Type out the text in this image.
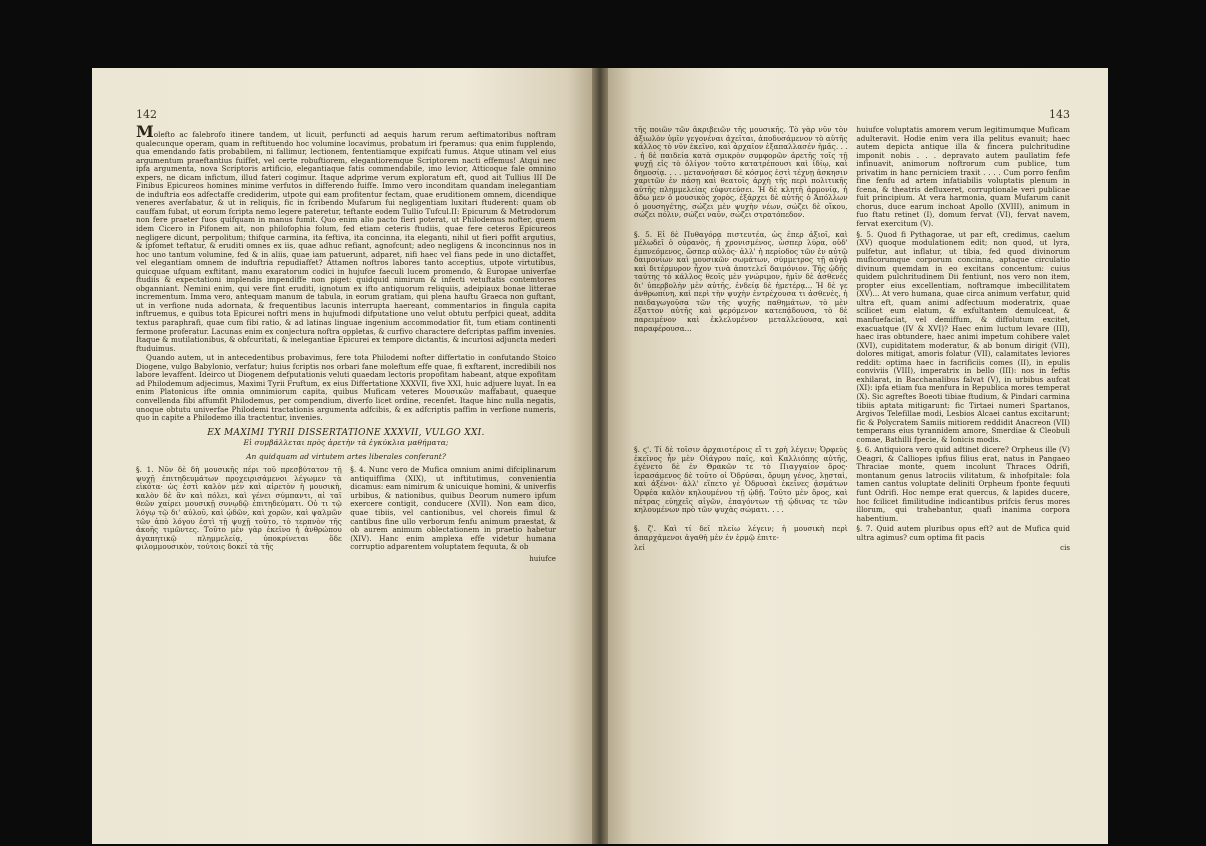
142

Molefto ac falebrofo itinere tandem, ut licuit, perfuncti ad aequis harum rerum aeftimatoribus noftram qualecunque operam, quam in reftituendo hoc volumine locavimus, probatum iri fperamus: qua enim fupplendo, qua emendando fatis probabilem, ni fallimur, lectionem, fententiamque expifcati fumus. Atque utinam vel eius argumentum praeftantius fuiffet, vel certe robuftiorem, elegantioremque Scriptorem nacti effemus! Atqui nec ipfa argumenta, nova Scriptoris artificio, elegantiaque fatis commendabile, imo levior, Atticoque fale omnino expers, ne dicam infictum, illud fateri cogimur. Itaque adprime verum exploratum eft, quod ait Tullius III De Finibus Epicureos homines minime verfutos in differendo fuiffe. Immo vero inconditam quandam inelegantiam de induftria eos adfectaffe crediderim, utpote qui eam profitentur fectam, quae eruditionem omnem, dicendique veneres averfabatur, & ut in reliquis, fic in fcribendo Mufarum fui negligentiam luxitari ftuderent: quam ob cauffam fubat, ut eorum fcripta nemo legere pateretur, teftante eodem Tullio Tufcul.II: Epicurum & Metrodorum non fere praeter fuos quifquam in manus fumit. Quo enim alio pacto fieri poterat, ut Philodemus nofter, quem idem Cicero in Pifonem ait, non philofophia folum, fed etiam ceteris ftudiis, quae fere ceteros Epicureos negligere dicunt, perpolitum; thifque carmina, ita feftiva, ita concinna, ita eleganti, nihil ut fieri poffit argutius, & ipfomet teftatur, & eruditi omnes ex iis, quae adhuc refiant, agnofcunt; adeo negligens & inconcinnus nos in hoc uno tantum volumine, fed & in aliis, quae iam patuerunt, adparet, nifi haec vel fians pede in uno dictaffet, vel elegantiam omnem de induftria repudiaffet? Attamen noftros labores tanto acceptius, utpote virtutibus, quicquae ufquam exftitant, manu exaratorum codici in hujufce faeculi lucem promendo, & Europae univerfae ftudiis & expectationi implendis impendiffe non piget: quidquid nimirum & infecti vetuftatis contemtores obganniant. Nemini enim, qui vere fint eruditi, ignotum ex ifto antiquorum reliquiis, adeipiaux bonae litterae incrementum. Imma vero, antequam manum de tabula, in eorum gratiam, qui plena hauftu Graeca non guftant, ut in verfione nuda adornata, & frequentibus lacunis interrupta haereant, commentarios in fingula capita inftruemus, e quibus tota Epicurei noftri mens in hujufmodi difputatione uno velut obtutu perfpici queat, addita textus paraphrafi, quae cum fibi ratio, & ad latinas linguae ingenium accommodatior fit, tum etiam continenti fermone proferatur. Lacunas enim ex conjectura noftra oppletas, & curfivo charactere defcriptas paffim invenies. Itaque & mutilationibus, & obfcuritati, & inelegantiae Epicurei ex tempore dictantis, & incuriosi adjuncta mederi ftuduimus.

Quando autem, ut in antecedentibus probavimus, fere tota Philodemi nofter differtatio in confutando Stoico Diogene, vulgo Babylonio, verfatur; huius fcriptis nos orbari fane moleftum effe quae, fi exftarent, incredibili nos labore levaffent. Ideirco ut Diogenem defputationis veluti quaedam lectoris propofitam habeant, atque expofitam ad Philodemum adjecimus, Maximi Tyrii Fruftum, ex eius Differtatione XXXVII, five XXI, huic adjuere luyat. In ea enim Platonicus ifte omnia omnimiorum capita, quibus Muficam veteres Μουσικῶν maffabaut, quaeque convellenda fibi affumfit Philodemus, per compendium, diverfo licet ordine, recenfet. Itaque hinc nulla negatis, unoque obtutu univerfae Philodemi tractationis argumenta adfcibis, & ex adfcriptis paffim in verfione numeris, quo in capite a Philodemo illa tractentur, invenies.

EX MAXIMI TYRII DISSERTATIONE XXXVII, VULGO XXI.
Εἰ συμβάλλεται πρὸς ἀρετὴν τὰ ἐγκύκλια μαθήματα;
An quidquam ad virtutem artes liberales conferant?

§. 1. Νῦν δὲ δὴ μουσικῆς πέρι τοῦ πρεσβύτατον τῇ ψυχῇ ἐπιτηδευμάτων προχειρισάμενοι λέγωμεν τὰ εἰκότα· ὡς ἐστὶ καλὸν μὲν καὶ αἰρετὸν ἡ μουσικὴ, καλὸν δὲ ἂν καὶ πόλει, καὶ γένει σύμπαντι, αἱ ταῖ θεῶν χαίρει μουσικῇ συνῳδῷ ἐπιτηδεύματι. Οὐ τι τῷ λόγῳ τῷ δι' αὐλοῦ, καὶ ᾠδῶν, καὶ χορῶν, καὶ ψαλμῶν τῶν ἀπὸ λόγου ἐστὶ τῇ ψυχῇ τοῦτο, τὸ τερπνὸν τῆς ἀκοῆς τιμῶντες. Τοῦτο μὲν γὰρ ἐκεῖνο ἡ ἀνθρώπου ἀγαπητικῷ πλημμελείᾳ, ὑποκρίνεται ὅδε φιλομμουσικὸν, τούτοις δοκεῖ τὰ τῆς

§. 4. Nunc vero de Mufica omnium animi difciplinarum antiquiffima (XIX), ut inftitutimus, convenientia dicamus: eam nimirum & unicuique homini, & univerfis urbibus, & nationibus, quibus Deorum numero ipfum exercere contigit, conducere (XVII). Non eam dico, quae tibiis, vel cantionibus, vel choreis fimul & cantibus fine ullo verborum fenfu animum praestat, & ob aurem animum oblectationem in praetio habetur (XIV). Hanc enim amplexa effe videtur humana corruptio adparentem voluptatem fequuta, & ob

huiufce
143

τῆς ποιῶν τῶν ἀκριβειῶν τῆς μουσικῆς. Τὸ γὰρ νῦν τὸν ἀξιωλὸν ὑμῖν γεγονέναι ἀχεῖται, ἀποδυσάμενον τὸ αὐτῆς κάλλος τὸ νῦν ἐκεῖνο, καὶ ἀρχαῖον ἐξαπαλλασέν ἡμᾶς. . . . ἡ δὲ παιδεία κατὰ σμικρὸν συμφορῶν ἀρετῆς τοῖς τῇ ψυχῇ εἰς τὸ ὀλίγον τοῦτο κατατρέπουσι καὶ ἰδίῳ, καὶ δημοσίᾳ. . . . μετανοήσασι δὲ κόσμος ἐστὶ τέχνῃ ἀσκησιν χαριτῶν ἐν πάσῃ καὶ θεατοῖς ἀρχὴ τῆς περὶ πολιτικῆς αὐτῆς πλημμελείας εὐφυτεύσει. Ἡ δὲ κλητῆ ἁρμονίᾳ, ἡ ἄδω μεν ὁ μουσικὸς χορὸς, ἐξάρχει δὲ αὐτῆς ὁ Ἀπόλλων ὁ μουσηγέτης, σώζει μὲν ψυχὴν νέων, σώζει δὲ οἴκου, σώζει πόλιν, σώζει ναῦν, σώζει στρατόπεδον.

huiufce voluptatis amorem verum legitimumque Muficam adulteravit. Hodie enim vera illa pelitus evanuit; haec autem depicta antique illa & fincera pulchritudine imponit nobis . . . depravato autem paullatim fefe infinuavit, animorum noftrorum cum publice, tum privatim in hanc perniciem traxit . . . . Cum porro fenfim fine fenfu ad artem infatiabilis voluptatis plenum in fcena, & theatris defluxeret, corruptionale veri publicae fuit principium. At vera harmonia, quam Mufarum canit chorus, duce earum inchoat Apollo (XVIII), animum in fuo ftatu retinet (I), domum fervat (VI), fervat navem, fervat exercitum (V).

§. 5. Εἰ δὲ Πυθαγόρᾳ πιστευτέα, ὡς ἐπερ ἀξιοῖ, καὶ μέλωδεῖ ὁ οὐρανὸς, ἡ χρονισμένος, ὡσπερ λύρα, οὐδ' ἐμπνεόμενος, ὥσπερ αὐλὸς· ἀλλ' ἡ περίοδος τῶν ἐν αὐτῷ δαιμονίων καὶ μουσικῶν σωμάτων, σύμμετρος τῇ αὐγᾷ καὶ διτέρμυρον ἦχον τινὰ ἀποτελεῖ δαιμόνιον. Τῆς ᾠδῆς ταύτης τὸ κάλλος θεοῖς μὲν γνώριμον, ἡμῖν δὲ ἀσθενὲς δι' ὑπερβολὴν μὲν αὐτῆς, ἐνδείᾳ δὲ ἡμετέρᾳ... Ἡ δὲ γε ἀνθρωπίνη, καὶ περὶ τὴν ψυχὴν ἐντρέχουσα τι ἀσθενὲς, ἡ παιδαγωγοῦσα τῶν τῆς ψυχῆς παθημάτων, τὸ μὲν ἐξαττον αὐτῆς καὶ φερόμενον κατεπᾴδουσα, τὸ δὲ παρειμένον καὶ ἐκλελυμένον μεταλλεύουσα, καὶ παραφέρουσα...

§. 5. Quod fi Pythagorae, ut par eft, credimus, caelum (XV) quoque modulationem edit; non quod, ut lyra, pulfetur, aut inflatur, ut tibia, fed quod divinorum muficorumque corporum concinna, aptaque circulatio divinum quemdam in eo excitans concentum: cuius quidem pulchritudinem Dii fentiunt, nos vero non item, propter eius excellentiam, noftramque imbecillitatem (XV)... At vero humana, quae circa animum verfatur, quid ultra eft, quam animi adfectuum moderatrix, quae scilicet eum elatum, & exfultantem demulceat, & manfuefaciat, vel demiffum, & diffolutum excitet, exacuatque (IV & XVI)? Haec enim luctum levare (III), haec iras obtundere, haec animi impetum cohibere valet (XVI), cupiditatem moderatur, & ab bonum dirigit (VII), dolores mitigat, amoris folatur (VII), calamitates leviores reddit: optima haec in facrificiis comes (II), in epulis conviviis (VIII), imperatrix in bello (III): nos in feftis exhilarat, in Bacchanalibus falvat (V), in urbibus aufcat (XI): ipfa etiam fua menfura in Republica mores temperat (X). Sic agreftes Boeoti tibiae ftudium, & Pindari carmina tibiis aptata mitigarunt: fic Tirtaei numeri Spartanos, Argivos Telefillae modi, Lesbios Alcaei cantus excitarunt; fic & Polycratem Samiis mitiorem reddidit Anacreon (VII) temperans eius tyrannidem amore, Smerdiae & Cleobuli comae, Bathilli fpecie, & Ionicis modis.

§. ϛ'. Τί δὲ τοῖσιν ἀρχαιοτέροις εἴ τι χρὴ λέγειν; Ὀρφεὺς ἐκεῖνος ἦν μὲν Οἰάγρου παῖς, καὶ Καλλιόπης αὐτῆς, ἐγένετο δὲ ἐν Θρακῶν τε τὸ Πιαγγαίον ὄρος· ἱερασάμενος δὲ τοῦτο οἱ Ὀδρύσαι, ὄρυμη γένος, λῃσταὶ, καὶ ἀξένοι· ἀλλ' εἵπετο γὲ Ὀδρυσαὶ ἐκεῖνες ᾀσμάτων Ὀρφέα καλὸν κηλουμένου τῇ ᾠδῇ. Τοῦτο μὲν ὄρος, καὶ πέτρας εὐηχεῖς αἰγῶν, ἐπαγόντων τῇ ᾠδινας τε τῶν κηλουμένων πρὸ τῶν ψυχὰς σώματι. . . .

§. 6. Antiquiora vero quid adtinet dicere? Orpheus ille (V) Oeagri, & Calliopes ipfius filius erat, natus in Pangaeo Thraciae monte, quem incolunt Thraces Odrifi, montanum genus latrociis vilitatum, & inhofpitale: fola tamen cantus voluptate deliniti Orpheum fponte fequuti funt Odrifi. Hoc nempe erat quercus, & lapides ducere, hoc fcilicet fimilitudine indicantibus prifcis ferus mores illorum, qui trahebantur, quafi inanima corpora habentium.

§. ζ'. Καὶ τί δεῖ πλείω λέγειν; ἡ μουσικὴ περὶ ἀπαρχάμενοι ἀγαθὴ μὲν ἐν ἑρμῷ ἐπιτε-

§. 7. Quid autem pluribus opus eft? aut de Mufica quid ultra agimus? cum optima fit pacis

λεί	cis
